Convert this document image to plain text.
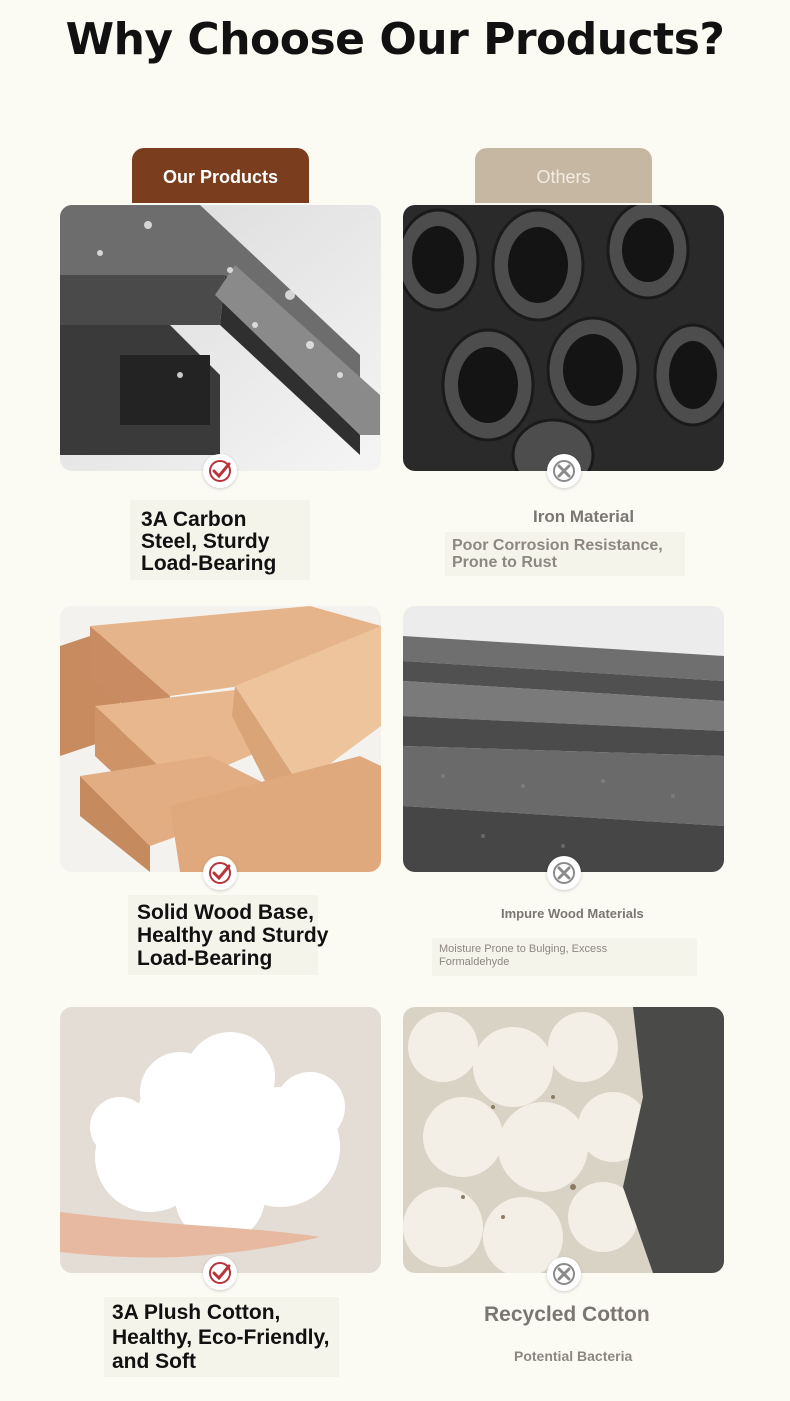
Why Choose Our Products?
Our Products	Others
3A Carbon
Steel, Sturdy
Load-Bearing
Iron Material
Poor Corrosion Resistance,
Prone to Rust
Solid Wood Base,
Healthy and Sturdy
Load-Bearing
Impure Wood Materials
Moisture Prone to Bulging, Excess
Formaldehyde
3A Plush Cotton,
Healthy, Eco-Friendly,
and Soft
Recycled Cotton
Potential Bacteria
